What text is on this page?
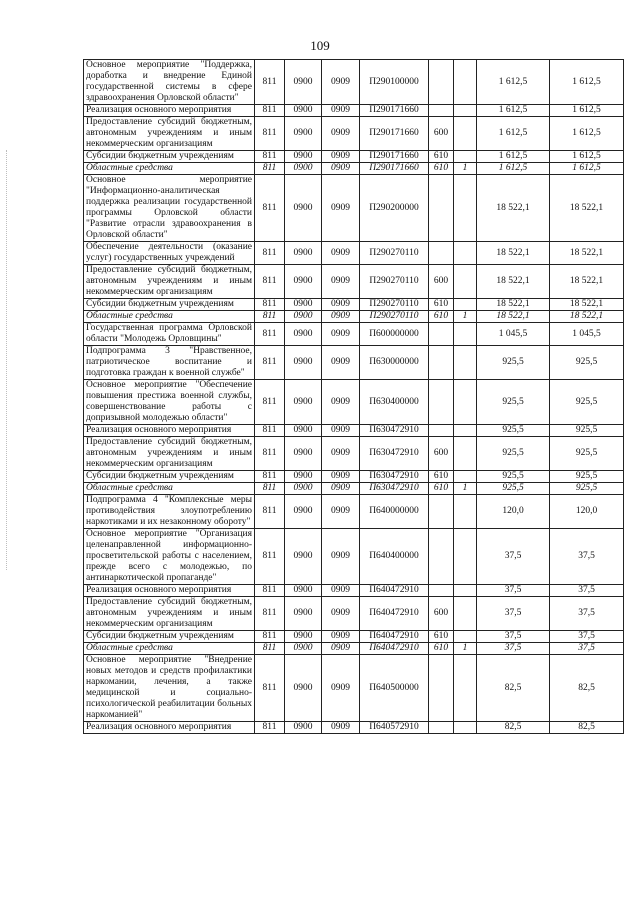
109
Основное мероприятие "Поддержка, доработка и внедрение Единой государственной системы в сфере здравоохранения Орловской области"	811	0900	0909	П290100000			1 612,5	1 612,5
Реализация основного мероприятия	811	0900	0909	П290171660			1 612,5	1 612,5
Предоставление субсидий бюджетным, автономным учреждениям и иным некоммерческим организациям	811	0900	0909	П290171660	600		1 612,5	1 612,5
Субсидии бюджетным учреждениям	811	0900	0909	П290171660	610		1 612,5	1 612,5
Областные средства	811	0900	0909	П290171660	610	1	1 612,5	1 612,5
Основное мероприятие "Информационно-аналитическая поддержка реализации государственной программы Орловской области "Развитие отрасли здравоохранения в Орловской области"	811	0900	0909	П290200000			18 522,1	18 522,1
Обеспечение деятельности (оказание услуг) государственных учреждений	811	0900	0909	П290270110			18 522,1	18 522,1
Предоставление субсидий бюджетным, автономным учреждениям и иным некоммерческим организациям	811	0900	0909	П290270110	600		18 522,1	18 522,1
Субсидии бюджетным учреждениям	811	0900	0909	П290270110	610		18 522,1	18 522,1
Областные средства	811	0900	0909	П290270110	610	1	18 522,1	18 522,1
Государственная программа Орловской области "Молодежь Орловщины"	811	0900	0909	П600000000			1 045,5	1 045,5
Подпрограмма 3 "Нравственное, патриотическое воспитание и подготовка граждан к военной службе"	811	0900	0909	П630000000			925,5	925,5
Основное мероприятие "Обеспечение повышения престижа военной службы, совершенствование работы с допризывной молодежью области"	811	0900	0909	П630400000			925,5	925,5
Реализация основного мероприятия	811	0900	0909	П630472910			925,5	925,5
Предоставление субсидий бюджетным, автономным учреждениям и иным некоммерческим организациям	811	0900	0909	П630472910	600		925,5	925,5
Субсидии бюджетным учреждениям	811	0900	0909	П630472910	610		925,5	925,5
Областные средства	811	0900	0909	П630472910	610	1	925,5	925,5
Подпрограмма 4 "Комплексные меры противодействия злоупотреблению наркотиками и их незаконному обороту"	811	0900	0909	П640000000			120,0	120,0
Основное мероприятие "Организация целенаправленной информационно-просветительской работы с населением, прежде всего с молодежью, по антинаркотической пропаганде"	811	0900	0909	П640400000			37,5	37,5
Реализация основного мероприятия	811	0900	0909	П640472910			37,5	37,5
Предоставление субсидий бюджетным, автономным учреждениям и иным некоммерческим организациям	811	0900	0909	П640472910	600		37,5	37,5
Субсидии бюджетным учреждениям	811	0900	0909	П640472910	610		37,5	37,5
Областные средства	811	0900	0909	П640472910	610	1	37,5	37,5
Основное мероприятие "Внедрение новых методов и средств профилактики наркомании, лечения, а также медицинской и социально-психологической реабилитации больных наркоманией"	811	0900	0909	П640500000			82,5	82,5
Реализация основного мероприятия	811	0900	0909	П640572910			82,5	82,5
